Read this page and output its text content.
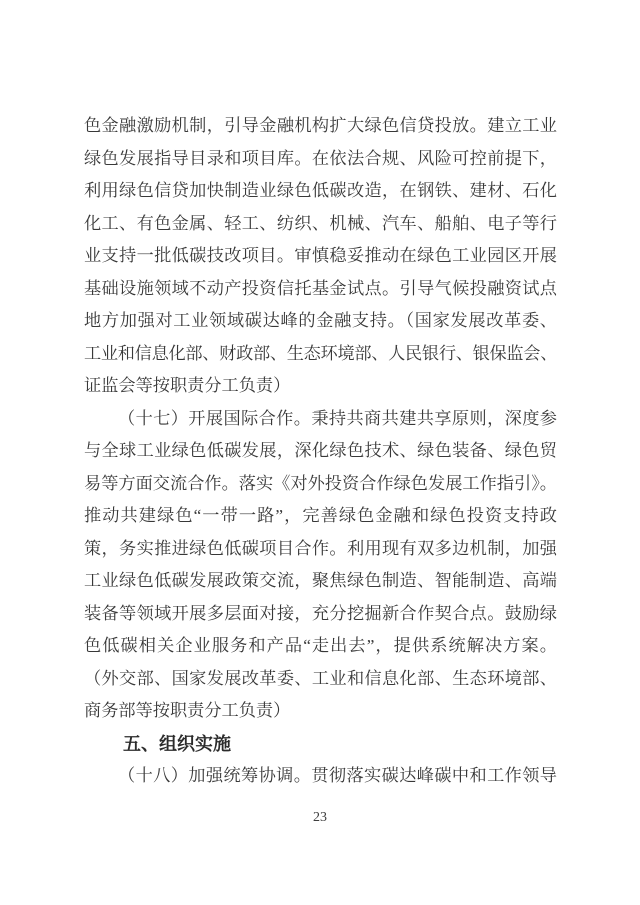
色金融激励机制，引导金融机构扩大绿色信贷投放。建立工业
绿色发展指导目录和项目库。在依法合规、风险可控前提下，
利用绿色信贷加快制造业绿色低碳改造，在钢铁、建材、石化
化工、有色金属、轻工、纺织、机械、汽车、船舶、电子等行
业支持一批低碳技改项目。审慎稳妥推动在绿色工业园区开展
基础设施领域不动产投资信托基金试点。引导气候投融资试点
地方加强对工业领域碳达峰的金融支持。（国家发展改革委、
工业和信息化部、财政部、生态环境部、人民银行、银保监会、
证监会等按职责分工负责）
（十七）开展国际合作。秉持共商共建共享原则，深度参
与全球工业绿色低碳发展，深化绿色技术、绿色装备、绿色贸
易等方面交流合作。落实《对外投资合作绿色发展工作指引》。
推动共建绿色“一带一路”，完善绿色金融和绿色投资支持政
策，务实推进绿色低碳项目合作。利用现有双多边机制，加强
工业绿色低碳发展政策交流，聚焦绿色制造、智能制造、高端
装备等领域开展多层面对接，充分挖掘新合作契合点。鼓励绿
色低碳相关企业服务和产品“走出去”，提供系统解决方案。
（外交部、国家发展改革委、工业和信息化部、生态环境部、
商务部等按职责分工负责）
五、组织实施
（十八）加强统筹协调。贯彻落实碳达峰碳中和工作领导
23
